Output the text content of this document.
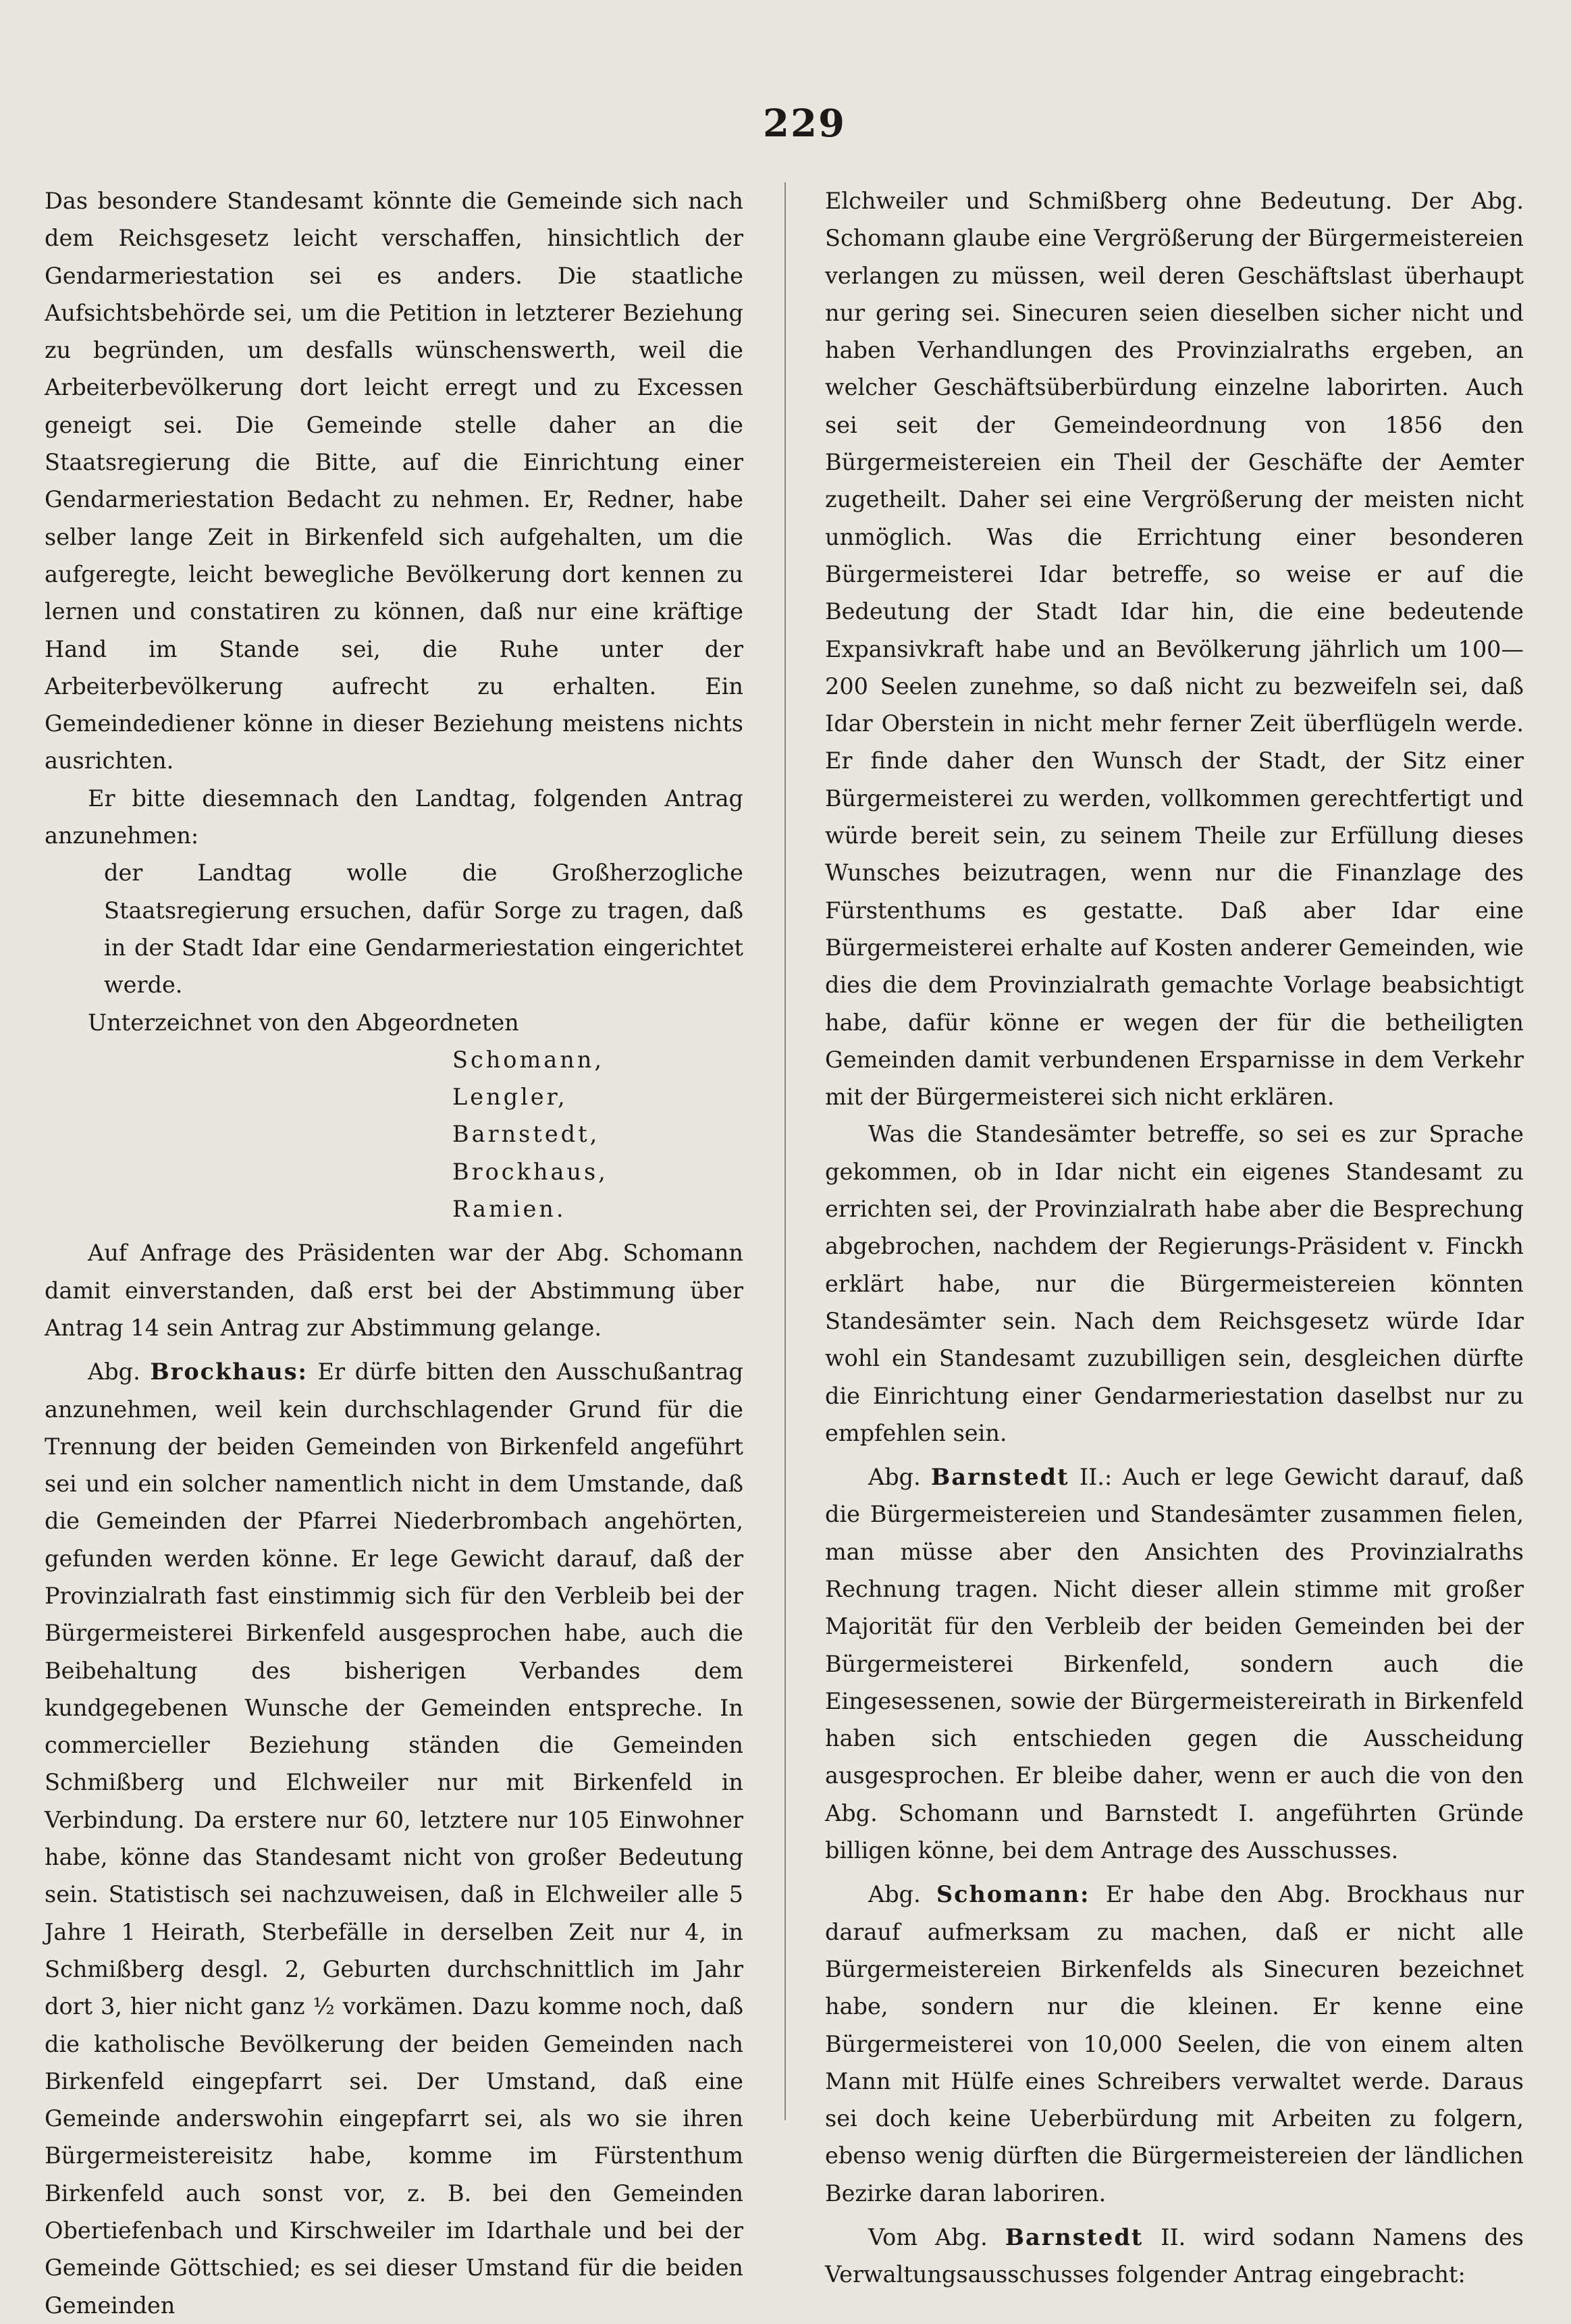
229

Das besondere Standesamt könnte die Gemeinde sich nach dem Reichsgesetz leicht verschaffen, hinsichtlich der Gendarmeriestation sei es anders. Die staatliche Aufsichtsbehörde sei, um die Petition in letzterer Beziehung zu begründen, um desfalls wünschenswerth, weil die Arbeiterbevölkerung dort leicht erregt und zu Excessen geneigt sei. Die Gemeinde stelle daher an die Staatsregierung die Bitte, auf die Einrichtung einer Gendarmeriestation Bedacht zu nehmen. Er, Redner, habe selber lange Zeit in Birkenfeld sich aufgehalten, um die aufgeregte, leicht bewegliche Bevölkerung dort kennen zu lernen und constatiren zu können, daß nur eine kräftige Hand im Stande sei, die Ruhe unter der Arbeiterbevölkerung aufrecht zu erhalten. Ein Gemeindediener könne in dieser Beziehung meistens nichts ausrichten.

Er bitte diesemnach den Landtag, folgenden Antrag anzunehmen:

der Landtag wolle die Großherzogliche Staatsregierung ersuchen, dafür Sorge zu tragen, daß in der Stadt Idar eine Gendarmeriestation eingerichtet werde.

Unterzeichnet von den Abgeordneten

Schomann,

Lengler,

Barnstedt,

Brockhaus,

Ramien.

Auf Anfrage des Präsidenten war der Abg. Schomann damit einverstanden, daß erst bei der Abstimmung über Antrag 14 sein Antrag zur Abstimmung gelange.

Abg. Brockhaus: Er dürfe bitten den Ausschußantrag anzunehmen, weil kein durchschlagender Grund für die Trennung der beiden Gemeinden von Birkenfeld angeführt sei und ein solcher namentlich nicht in dem Umstande, daß die Gemeinden der Pfarrei Niederbrombach angehörten, gefunden werden könne. Er lege Gewicht darauf, daß der Provinzialrath fast einstimmig sich für den Verbleib bei der Bürgermeisterei Birkenfeld ausgesprochen habe, auch die Beibehaltung des bisherigen Verbandes dem kundgegebenen Wunsche der Gemeinden entspreche. In commercieller Beziehung ständen die Gemeinden Schmißberg und Elchweiler nur mit Birkenfeld in Verbindung. Da erstere nur 60, letztere nur 105 Einwohner habe, könne das Standesamt nicht von großer Bedeutung sein. Statistisch sei nachzuweisen, daß in Elchweiler alle 5 Jahre 1 Heirath, Sterbefälle in derselben Zeit nur 4, in Schmißberg desgl. 2, Geburten durchschnittlich im Jahr dort 3, hier nicht ganz ½ vorkämen. Dazu komme noch, daß die katholische Bevölkerung der beiden Gemeinden nach Birkenfeld eingepfarrt sei. Der Umstand, daß eine Gemeinde anderswohin eingepfarrt sei, als wo sie ihren Bürgermeistereisitz habe, komme im Fürstenthum Birkenfeld auch sonst vor, z. B. bei den Gemeinden Obertiefenbach und Kirschweiler im Idarthale und bei der Gemeinde Göttschied; es sei dieser Umstand für die beiden Gemeinden

Elchweiler und Schmißberg ohne Bedeutung. Der Abg. Schomann glaube eine Vergrößerung der Bürgermeistereien verlangen zu müssen, weil deren Geschäftslast überhaupt nur gering sei. Sinecuren seien dieselben sicher nicht und haben Verhandlungen des Provinzialraths ergeben, an welcher Geschäftsüberbürdung einzelne laborirten. Auch sei seit der Gemeindeordnung von 1856 den Bürgermeistereien ein Theil der Geschäfte der Aemter zugetheilt. Daher sei eine Vergrößerung der meisten nicht unmöglich. Was die Errichtung einer besonderen Bürgermeisterei Idar betreffe, so weise er auf die Bedeutung der Stadt Idar hin, die eine bedeutende Expansivkraft habe und an Bevölkerung jährlich um 100—200 Seelen zunehme, so daß nicht zu bezweifeln sei, daß Idar Oberstein in nicht mehr ferner Zeit überflügeln werde. Er finde daher den Wunsch der Stadt, der Sitz einer Bürgermeisterei zu werden, vollkommen gerechtfertigt und würde bereit sein, zu seinem Theile zur Erfüllung dieses Wunsches beizutragen, wenn nur die Finanzlage des Fürstenthums es gestatte. Daß aber Idar eine Bürgermeisterei erhalte auf Kosten anderer Gemeinden, wie dies die dem Provinzialrath gemachte Vorlage beabsichtigt habe, dafür könne er wegen der für die betheiligten Gemeinden damit verbundenen Ersparnisse in dem Verkehr mit der Bürgermeisterei sich nicht erklären.

Was die Standesämter betreffe, so sei es zur Sprache gekommen, ob in Idar nicht ein eigenes Standesamt zu errichten sei, der Provinzialrath habe aber die Besprechung abgebrochen, nachdem der Regierungs-Präsident v. Finckh erklärt habe, nur die Bürgermeistereien könnten Standesämter sein. Nach dem Reichsgesetz würde Idar wohl ein Standesamt zuzubilligen sein, desgleichen dürfte die Einrichtung einer Gendarmeriestation daselbst nur zu empfehlen sein.

Abg. Barnstedt II.: Auch er lege Gewicht darauf, daß die Bürgermeistereien und Standesämter zusammen fielen, man müsse aber den Ansichten des Provinzialraths Rechnung tragen. Nicht dieser allein stimme mit großer Majorität für den Verbleib der beiden Gemeinden bei der Bürgermeisterei Birkenfeld, sondern auch die Eingesessenen, sowie der Bürgermeistereirath in Birkenfeld haben sich entschieden gegen die Ausscheidung ausgesprochen. Er bleibe daher, wenn er auch die von den Abg. Schomann und Barnstedt I. angeführten Gründe billigen könne, bei dem Antrage des Ausschusses.

Abg. Schomann: Er habe den Abg. Brockhaus nur darauf aufmerksam zu machen, daß er nicht alle Bürgermeistereien Birkenfelds als Sinecuren bezeichnet habe, sondern nur die kleinen. Er kenne eine Bürgermeisterei von 10,000 Seelen, die von einem alten Mann mit Hülfe eines Schreibers verwaltet werde. Daraus sei doch keine Ueberbürdung mit Arbeiten zu folgern, ebenso wenig dürften die Bürgermeistereien der ländlichen Bezirke daran laboriren.

Vom Abg. Barnstedt II. wird sodann Namens des Verwaltungsausschusses folgender Antrag eingebracht:
